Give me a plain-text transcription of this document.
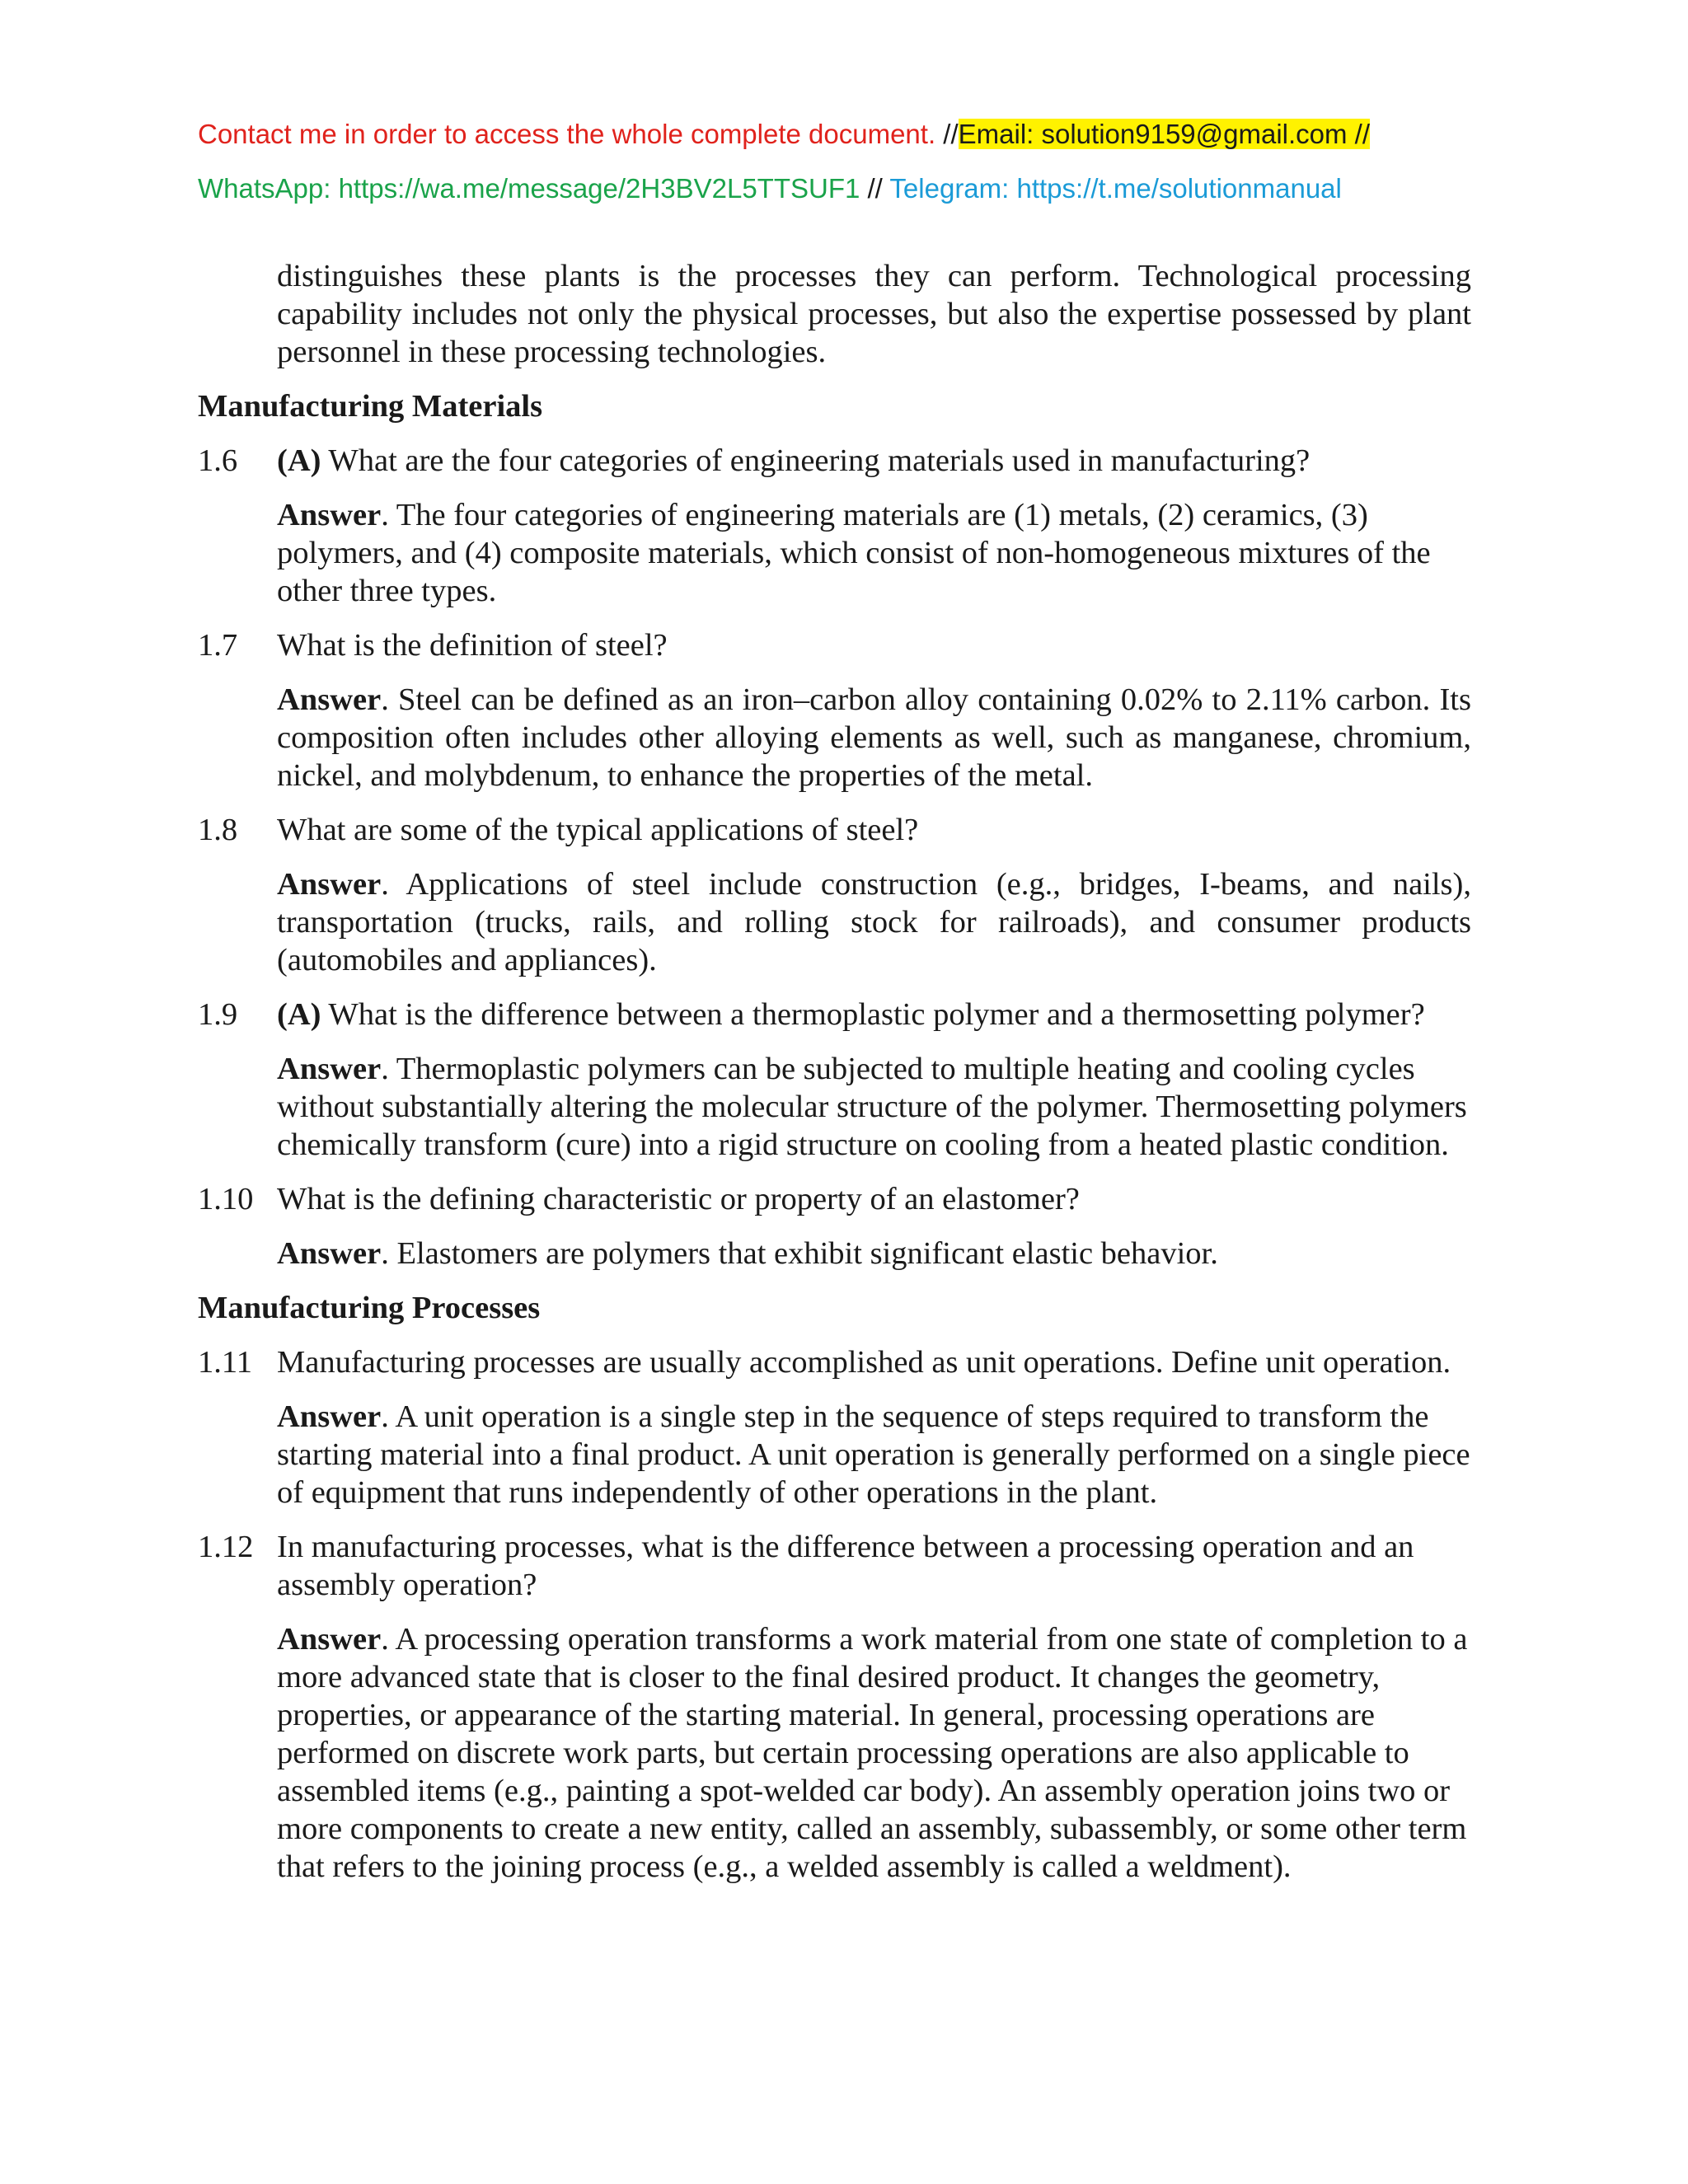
Contact me in order to access the whole complete document. //Email: solution9159@gmail.com //
WhatsApp: https://wa.me/message/2H3BV2L5TTSUF1 // Telegram: https://t.me/solutionmanual

distinguishes these plants is the processes they can perform. Technological processing capability includes not only the physical processes, but also the expertise possessed by plant personnel in these processing technologies.

Manufacturing Materials
1.6	(A) What are the four categories of engineering materials used in manufacturing?
Answer. The four categories of engineering materials are (1) metals, (2) ceramics, (3) polymers, and (4) composite materials, which consist of non-homogeneous mixtures of the other three types.
1.7	What is the definition of steel?
Answer. Steel can be defined as an iron–carbon alloy containing 0.02% to 2.11% carbon. Its composition often includes other alloying elements as well, such as manganese, chromium, nickel, and molybdenum, to enhance the properties of the metal.
1.8	What are some of the typical applications of steel?
Answer. Applications of steel include construction (e.g., bridges, I-beams, and nails), transportation (trucks, rails, and rolling stock for railroads), and consumer products (automobiles and appliances).
1.9	(A) What is the difference between a thermoplastic polymer and a thermosetting polymer?
Answer. Thermoplastic polymers can be subjected to multiple heating and cooling cycles without substantially altering the molecular structure of the polymer. Thermosetting polymers chemically transform (cure) into a rigid structure on cooling from a heated plastic condition.
1.10 What is the defining characteristic or property of an elastomer?
Answer. Elastomers are polymers that exhibit significant elastic behavior.
Manufacturing Processes
1.11 Manufacturing processes are usually accomplished as unit operations. Define unit operation.
Answer. A unit operation is a single step in the sequence of steps required to transform the starting material into a final product. A unit operation is generally performed on a single piece of equipment that runs independently of other operations in the plant.
1.12 In manufacturing processes, what is the difference between a processing operation and an assembly operation?
Answer. A processing operation transforms a work material from one state of completion to a more advanced state that is closer to the final desired product. It changes the geometry, properties, or appearance of the starting material. In general, processing operations are performed on discrete work parts, but certain processing operations are also applicable to assembled items (e.g., painting a spot-welded car body). An assembly operation joins two or more components to create a new entity, called an assembly, subassembly, or some other term that refers to the joining process (e.g., a welded assembly is called a weldment).
